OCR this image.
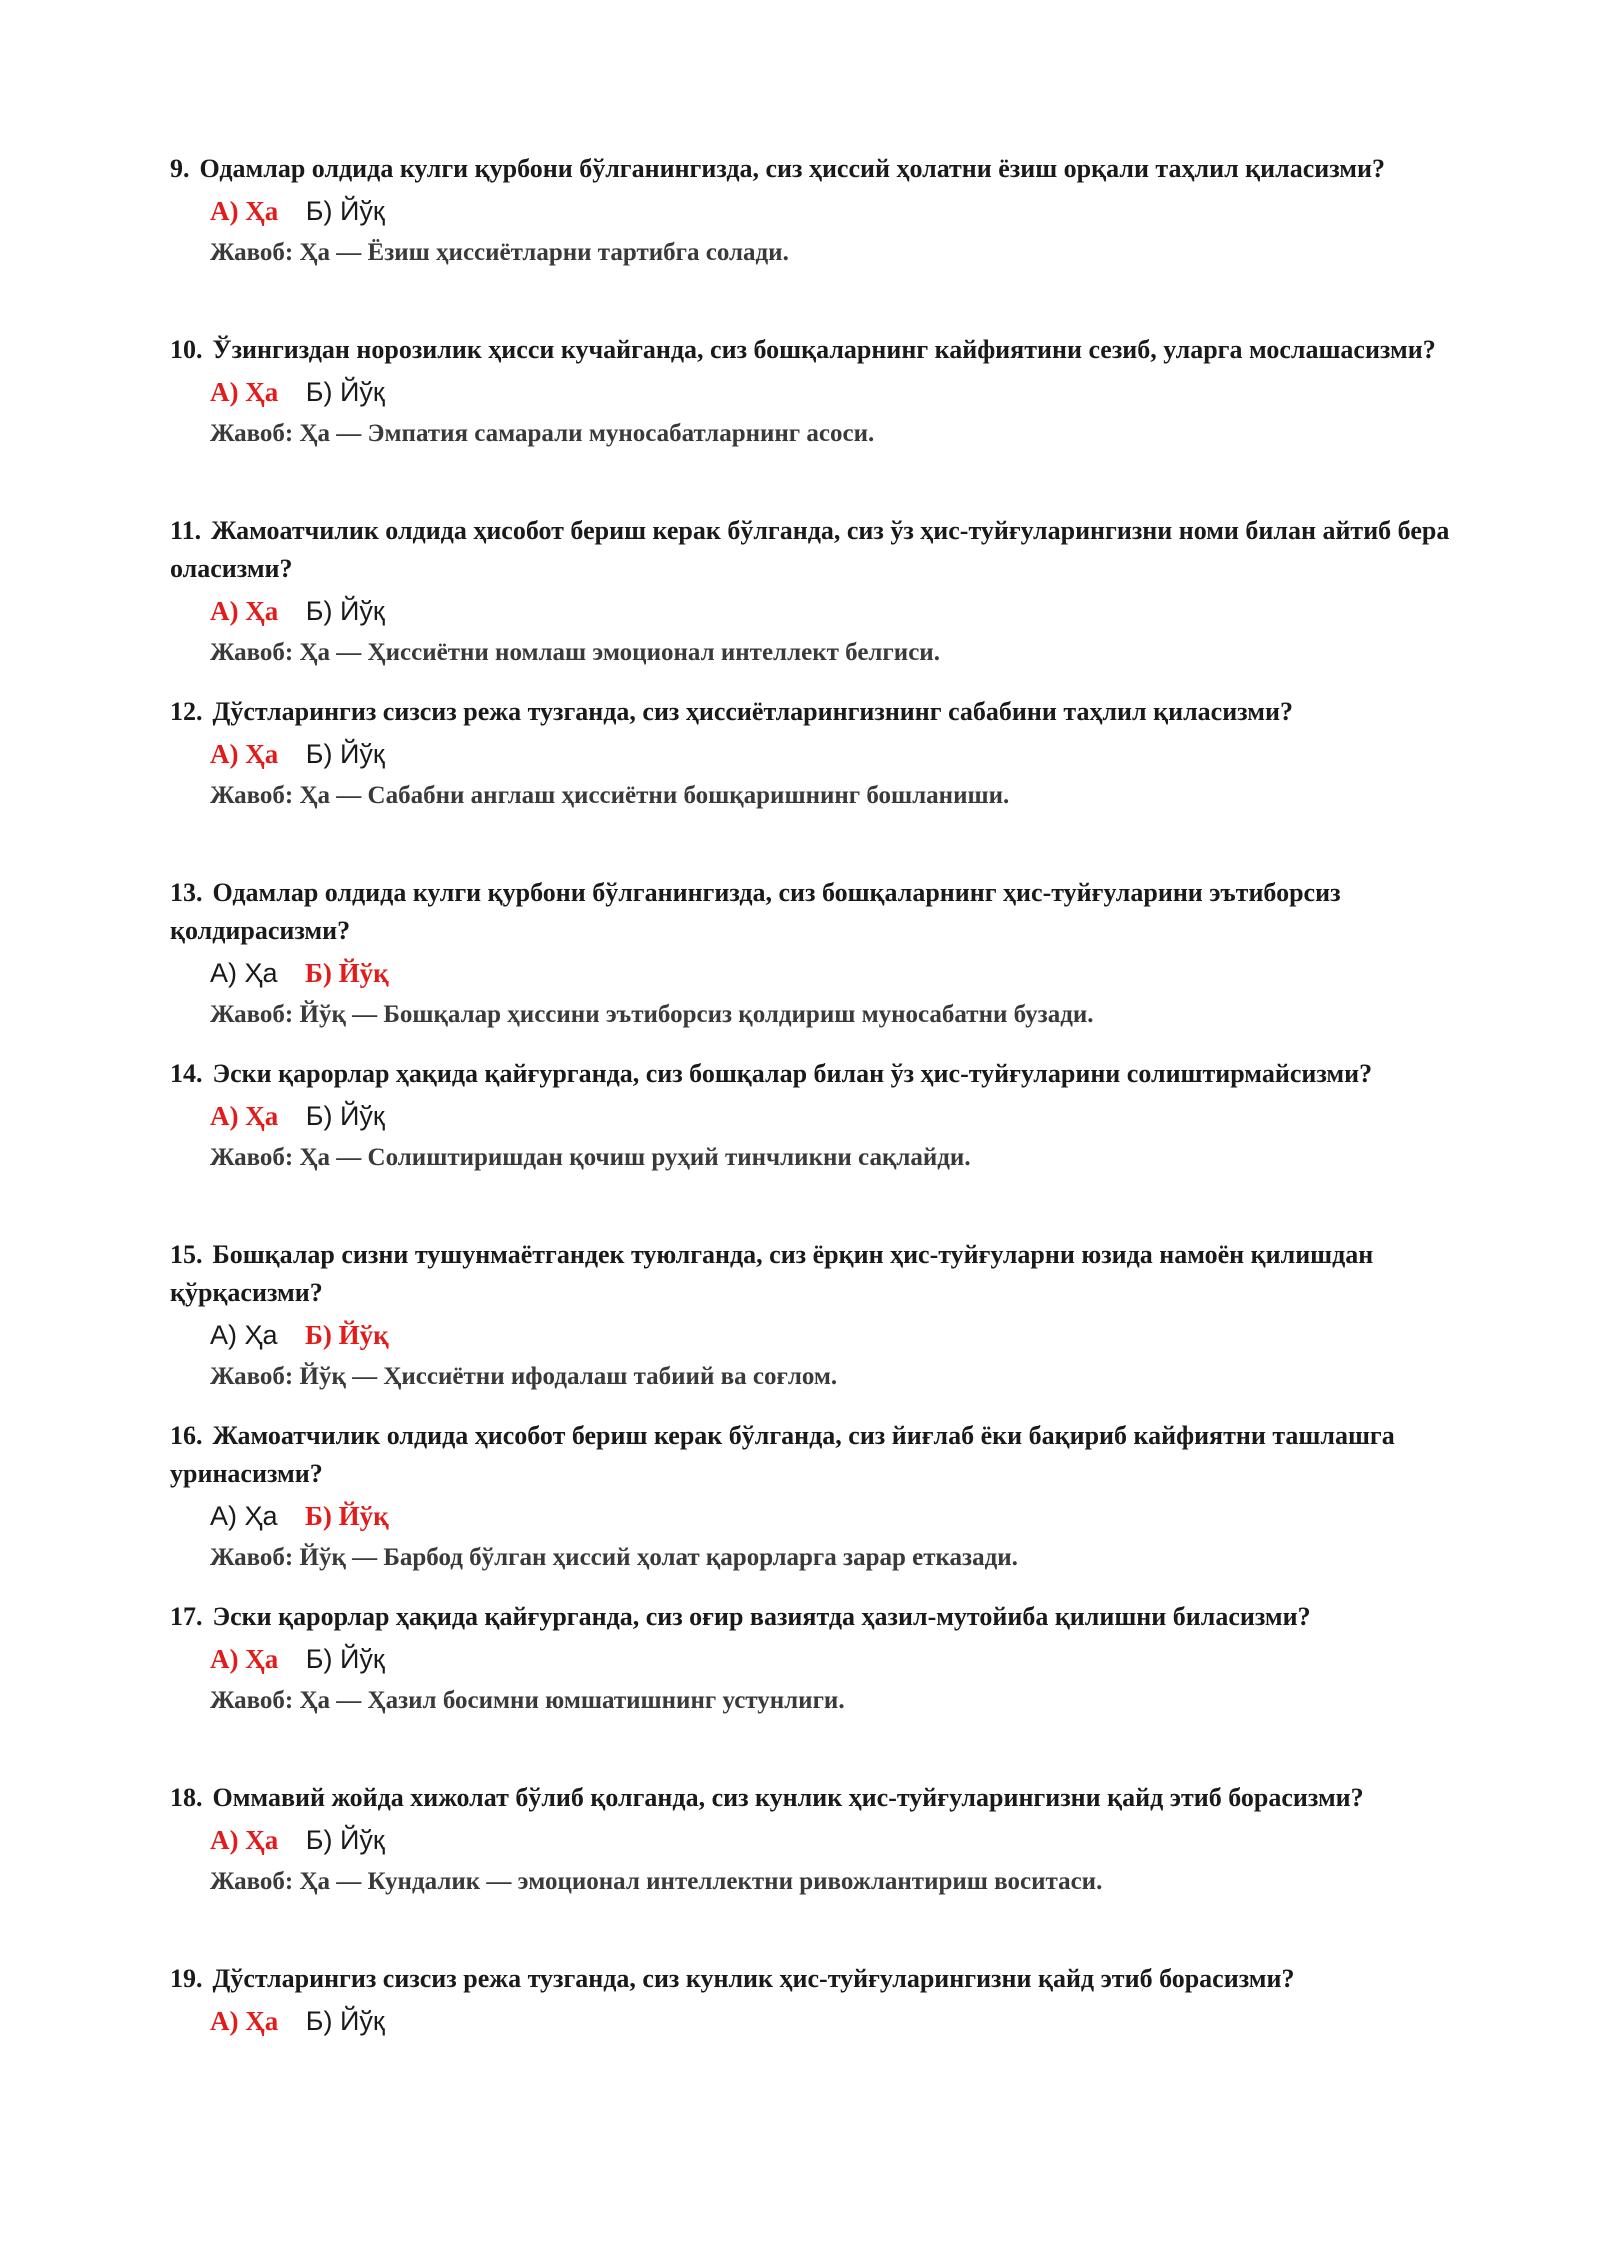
9. Одамлар олдида кулги қурбони бўлганингизда, сиз ҳиссий ҳолатни ёзиш орқали таҳлил қиласизми?

А) Ҳа Б) Йўқ
Жавоб: Ҳа — Ёзиш ҳиссиётларни тартибга солади.

10. Ўзингиздан норозилик ҳисси кучайганда, сиз бошқаларнинг кайфиятини сезиб, уларга мослашасизми?

А) Ҳа Б) Йўқ
Жавоб: Ҳа — Эмпатия самарали муносабатларнинг асоси.

11. Жамоатчилик олдида ҳисобот бериш керак бўлганда, сиз ўз ҳис-туйғуларингизни номи билан айтиб бера оласизми?

А) Ҳа Б) Йўқ
Жавоб: Ҳа — Ҳиссиётни номлаш эмоционал интеллект белгиси.

12. Дўстларингиз сизсиз режа тузганда, сиз ҳиссиётларингизнинг сабабини таҳлил қиласизми?

А) Ҳа Б) Йўқ
Жавоб: Ҳа — Сабабни англаш ҳиссиётни бошқаришнинг бошланиши.

13. Одамлар олдида кулги қурбони бўлганингизда, сиз бошқаларнинг ҳис-туйғуларини эътиборсиз қолдирасизми?

А) Ҳа Б) Йўқ
Жавоб: Йўқ — Бошқалар ҳиссини эътиборсиз қолдириш муносабатни бузади.

14. Эски қарорлар ҳақида қайғурганда, сиз бошқалар билан ўз ҳис-туйғуларини солиштирмайсизми?

А) Ҳа Б) Йўқ
Жавоб: Ҳа — Солиштиришдан қочиш руҳий тинчликни сақлайди.

15. Бошқалар сизни тушунмаётгандек туюлганда, сиз ёрқин ҳис-туйғуларни юзида намоён қилишдан қўрқасизми?

А) Ҳа Б) Йўқ
Жавоб: Йўқ — Ҳиссиётни ифодалаш табиий ва соғлом.

16. Жамоатчилик олдида ҳисобот бериш керак бўлганда, сиз йиғлаб ёки бақириб кайфиятни ташлашга уринасизми?

А) Ҳа Б) Йўқ
Жавоб: Йўқ — Барбод бўлган ҳиссий ҳолат қарорларга зарар етказади.

17. Эски қарорлар ҳақида қайғурганда, сиз оғир вазиятда ҳазил-мутойиба қилишни биласизми?

А) Ҳа Б) Йўқ
Жавоб: Ҳа — Ҳазил босимни юмшатишнинг устунлиги.

18. Оммавий жойда хижолат бўлиб қолганда, сиз кунлик ҳис-туйғуларингизни қайд этиб борасизми?

А) Ҳа Б) Йўқ
Жавоб: Ҳа — Кундалик — эмоционал интеллектни ривожлантириш воситаси.

19. Дўстларингиз сизсиз режа тузганда, сиз кунлик ҳис-туйғуларингизни қайд этиб борасизми?

А) Ҳа Б) Йўқ
